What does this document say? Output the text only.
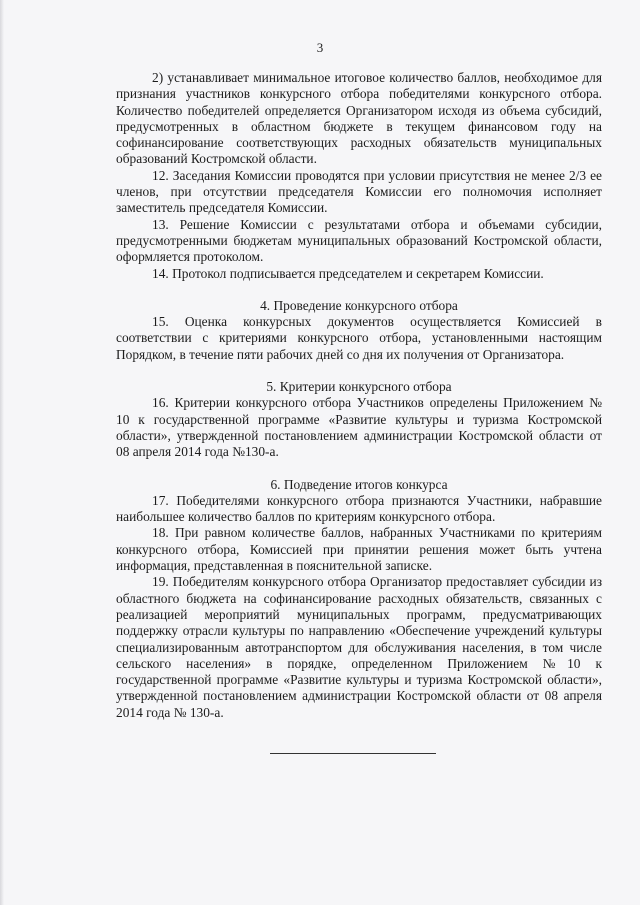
3

2) устанавливает минимальное итоговое количество баллов, необходимое для признания участников конкурсного отбора победителями конкурсного отбора. Количество победителей определяется Организатором исходя из объема субсидий, предусмотренных в областном бюджете в текущем финансовом году на софинансирование соответствующих расходных обязательств муниципальных образований Костромской области.

12. Заседания Комиссии проводятся при условии присутствия не менее 2/3 ее членов, при отсутствии председателя Комиссии его полномочия исполняет заместитель председателя Комиссии.

13. Решение Комиссии с результатами отбора и объемами субсидии, предусмотренными бюджетам муниципальных образований Костромской области, оформляется протоколом.

14. Протокол подписывается председателем и секретарем Комиссии.

4. Проведение конкурсного отбора

15. Оценка конкурсных документов осуществляется Комиссией в соответствии с критериями конкурсного отбора, установленными настоящим Порядком, в течение пяти рабочих дней со дня их получения от Организатора.

5. Критерии конкурсного отбора

16. Критерии конкурсного отбора Участников определены Приложением № 10 к государственной программе «Развитие культуры и туризма Костромской области», утвержденной постановлением администрации Костромской области от 08 апреля 2014 года №130-а.

6. Подведение итогов конкурса

17. Победителями конкурсного отбора признаются Участники, набравшие наибольшее количество баллов по критериям конкурсного отбора.

18. При равном количестве баллов, набранных Участниками по критериям конкурсного отбора, Комиссией при принятии решения может быть учтена информация, представленная в пояснительной записке.

19. Победителям конкурсного отбора Организатор предоставляет субсидии из областного бюджета на софинансирование расходных обязательств, связанных с реализацией мероприятий муниципальных программ, предусматривающих поддержку отрасли культуры по направлению «Обеспечение учреждений культуры специализированным автотранспортом для обслуживания населения, в том числе сельского населения» в порядке, определенном Приложением №10 к государственной программе «Развитие культуры и туризма Костромской области», утвержденной постановлением администрации Костромской области от 08 апреля 2014 года № 130-а.
